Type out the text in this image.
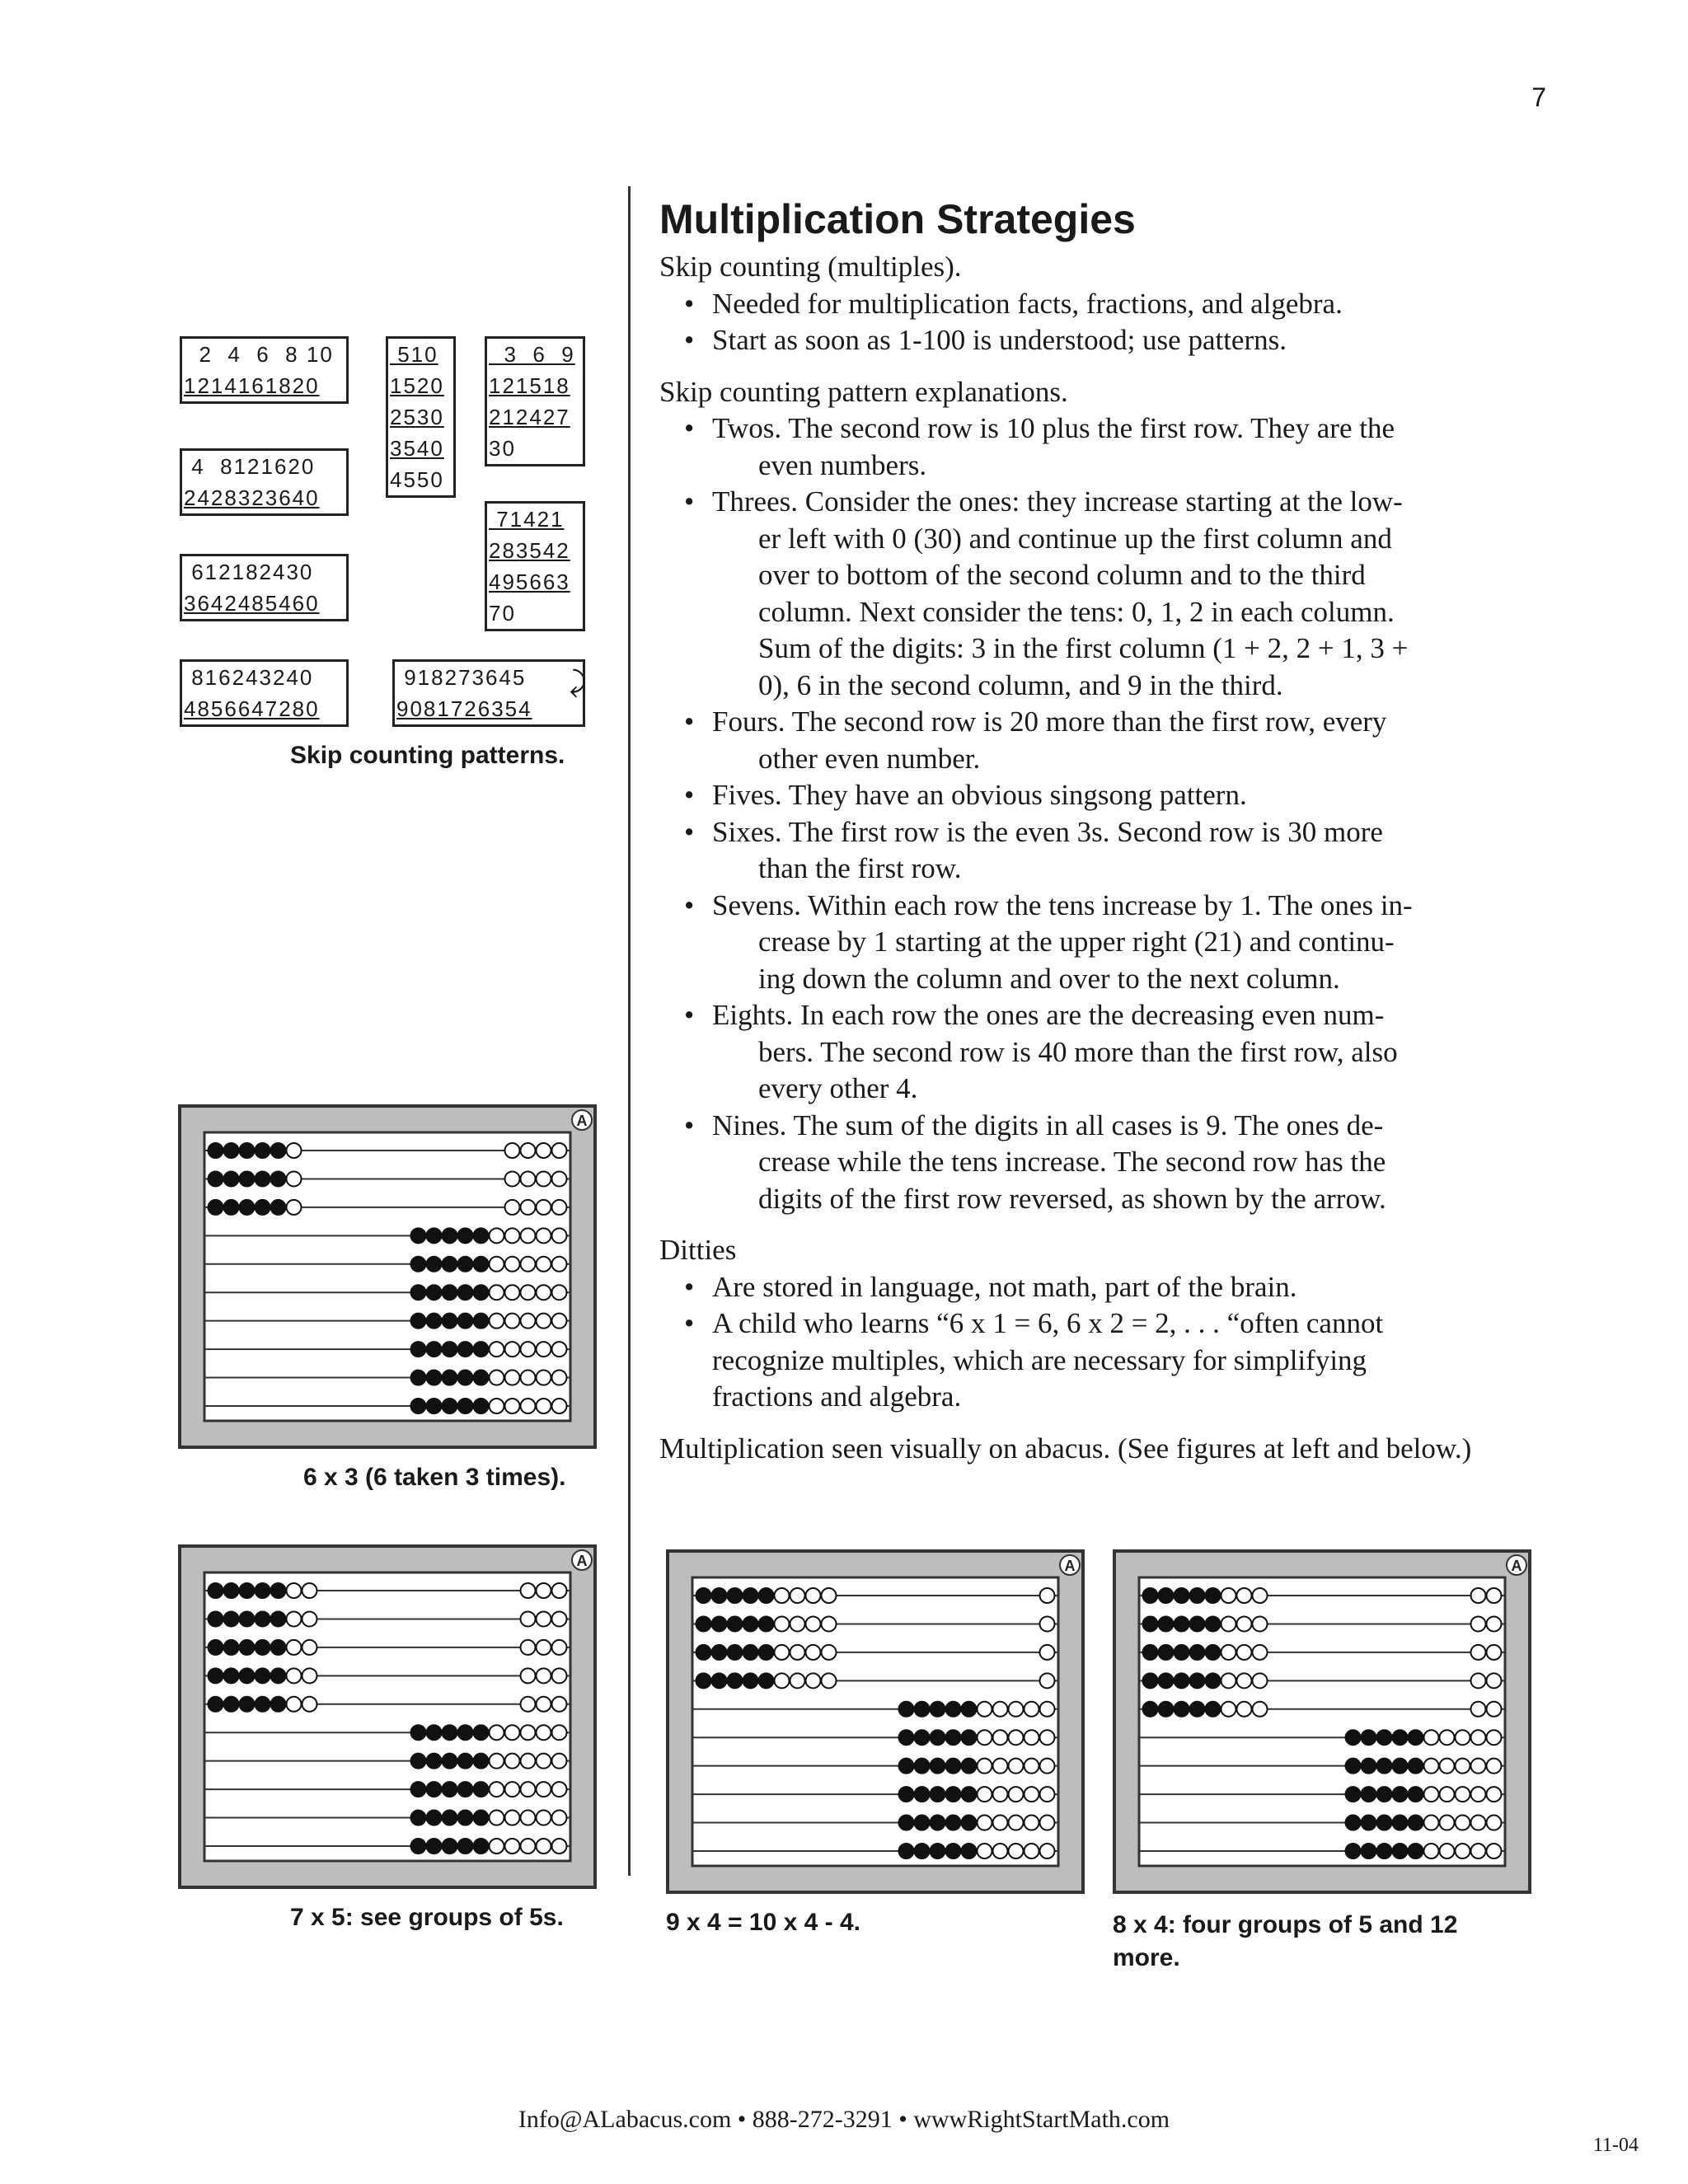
7
2  4  6  8 10
1214161820
4  8121620
2428323640
612182430
3642485460
816243240
4856647280
510
1520
2530
3540
4550
3  6  9
121518
212427
30
71421
283542
495663
70
918273645
9081726354
⤸
Skip counting patterns.
A
6 x 3 (6 taken 3 times).
A
7 x 5: see groups of 5s.
A
9 x 4 = 10 x 4 - 4.
A
8 x 4: four groups of 5 and 12 more.
Multiplication Strategies

Skip counting (multiples).

• Needed for multiplication facts, fractions, and algebra.
• Start as soon as 1-100 is understood; use patterns.

Skip counting pattern explanations.

• Twos. The second row is 10 plus the first row. They are the
even numbers.
• Threes. Consider the ones: they increase starting at the low-
er left with 0 (30) and continue up the first column and
over to bottom of the second column and to the third
column. Next consider the tens: 0, 1, 2 in each column.
Sum of the digits: 3 in the first column (1 + 2, 2 + 1, 3 +
0), 6 in the second column, and 9 in the third.
• Fours. The second row is 20 more than the first row, every
other even number.
• Fives. They have an obvious singsong pattern.
• Sixes. The first row is the even 3s. Second row is 30 more
than the first row.
• Sevens. Within each row the tens increase by 1. The ones in-
crease by 1 starting at the upper right (21) and continu-
ing down the column and over to the next column.
• Eights. In each row the ones are the decreasing even num-
bers. The second row is 40 more than the first row, also
every other 4.
• Nines. The sum of the digits in all cases is 9. The ones de-
crease while the tens increase. The second row has the
digits of the first row reversed, as shown by the arrow.

Ditties

• Are stored in language, not math, part of the brain.
• A child who learns “6 x 1 = 6, 6 x 2 = 2, . . . “often cannot
recognize multiples, which are necessary for simplifying
fractions and algebra.

Multiplication seen visually on abacus. (See figures at left and below.)

Info@ALabacus.com • 888-272-3291 • wwwRightStartMath.com
11-04
